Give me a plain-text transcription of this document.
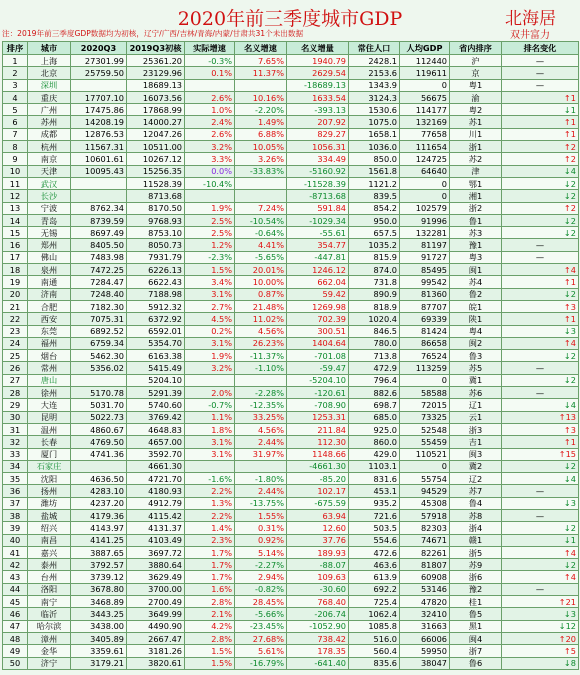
2020年前三季度城市GDP	北海居
双井富力
注：2019年前三季度GDP数据均为初核，辽宁/广西/吉林/青海/内蒙/甘肃共31个未出数据
排序	城市	2020Q3	2019Q3初核	实际增速	名义增速	名义增量	常住人口	人均GDP	省内排序	排名变化
1	上海	27301.99	25361.20	-0.3%	7.65%	1940.79	2428.1	112440	沪	—
2	北京	25759.50	23129.96	0.1%	11.37%	2629.54	2153.6	119611	京	—
3	深圳		18689.13			-18689.13	1343.9	0	粤1	—
4	重庆	17707.10	16073.56	2.6%	10.16%	1633.54	3124.3	56675	渝	↑1
5	广州	17475.86	17868.99	1.0%	-2.20%	-393.13	1530.6	114177	粤2	↓1
6	苏州	14208.19	14000.27	2.4%	1.49%	207.92	1075.0	132169	苏1	↑1
7	成都	12876.53	12047.26	2.6%	6.88%	829.27	1658.1	77658	川1	↑1
8	杭州	11567.31	10511.00	3.2%	10.05%	1056.31	1036.0	111654	浙1	↑2
9	南京	10601.61	10267.12	3.3%	3.26%	334.49	850.0	124725	苏2	↑2
10	天津	10095.43	15256.35	0.0%	-33.83%	-5160.92	1561.8	64640	津	↓4
11	武汉		11528.39	-10.4%		-11528.39	1121.2	0	鄂1	↓2
12	长沙		8713.68			-8713.68	839.5	0	湘1	↓2
13	宁波	8762.34	8170.50	1.9%	7.24%	591.84	854.2	102579	浙2	↑2
14	青岛	8739.59	9768.93	2.5%	-10.54%	-1029.34	950.0	91996	鲁1	↓2
15	无锡	8697.49	8753.10	2.5%	-0.64%	-55.61	657.5	132281	苏3	↓2
16	郑州	8405.50	8050.73	1.2%	4.41%	354.77	1035.2	81197	豫1	—
17	佛山	7483.98	7931.79	-2.3%	-5.65%	-447.81	815.9	91727	粤3	—
18	泉州	7472.25	6226.13	1.5%	20.01%	1246.12	874.0	85495	闽1	↑4
19	南通	7284.47	6622.43	3.4%	10.00%	662.04	731.8	99542	苏4	↑1
20	济南	7248.40	7188.98	3.1%	0.87%	59.42	890.9	81360	鲁2	↓2
21	合肥	7182.30	5912.32	2.7%	21.48%	1269.98	818.9	87707	皖1	↑3
22	西安	7075.31	6372.92	4.5%	11.02%	702.39	1020.4	69339	陕1	↑1
23	东莞	6892.52	6592.01	0.2%	4.56%	300.51	846.5	81424	粤4	↓3
24	福州	6759.34	5354.70	3.1%	26.23%	1404.64	780.0	86658	闽2	↑4
25	烟台	5462.30	6163.38	1.9%	-11.37%	-701.08	713.8	76524	鲁3	↓2
26	常州	5356.02	5415.49	3.2%	-1.10%	-59.47	472.9	113259	苏5	—
27	唐山		5204.10			-5204.10	796.4	0	冀1	↓2
28	徐州	5170.78	5291.39	2.0%	-2.28%	-120.61	882.6	58588	苏6	—
29	大连	5031.70	5740.60	-0.7%	-12.35%	-708.90	698.7	72015	辽1	↓4
30	昆明	5022.73	3769.42	1.1%	33.25%	1253.31	685.0	73325	云1	↑13
31	温州	4860.67	4648.83	1.8%	4.56%	211.84	925.0	52548	浙3	↑3
32	长春	4769.50	4657.00	3.1%	2.44%	112.30	860.0	55459	吉1	↑1
33	厦门	4741.36	3592.70	3.1%	31.97%	1148.66	429.0	110521	闽3	↑15
34	石家庄		4661.30			-4661.30	1103.1	0	冀2	↓2
35	沈阳	4636.50	4721.70	-1.6%	-1.80%	-85.20	831.6	55754	辽2	↓4
36	扬州	4283.10	4180.93	2.2%	2.44%	102.17	453.1	94529	苏7	—
37	潍坊	4237.20	4912.79	1.3%	-13.75%	-675.59	935.2	45308	鲁4	↓3
38	盐城	4179.36	4115.42	2.2%	1.55%	63.94	721.6	57918	苏8	—
39	绍兴	4143.97	4131.37	1.4%	0.31%	12.60	503.5	82303	浙4	↓2
40	南昌	4141.25	4103.49	2.3%	0.92%	37.76	554.6	74671	赣1	↓1
41	嘉兴	3887.65	3697.72	1.7%	5.14%	189.93	472.6	82261	浙5	↑4
42	泰州	3792.57	3880.64	1.7%	-2.27%	-88.07	463.6	81807	苏9	↓2
43	台州	3739.12	3629.49	1.7%	2.94%	109.63	613.9	60908	浙6	↑4
44	洛阳	3678.80	3700.00	1.6%	-0.82%	-30.60	692.2	53146	豫2	—
45	南宁	3468.89	2700.49	2.8%	28.45%	768.40	725.4	47820	桂1	↑21
46	临沂	3443.25	3649.99	2.1%	-5.66%	-206.74	1062.4	32410	鲁5	↓3
47	哈尔滨	3438.00	4490.90	4.2%	-23.45%	-1052.90	1085.8	31663	黑1	↓12
48	漳州	3405.89	2667.47	2.8%	27.68%	738.42	516.0	66006	闽4	↑20
49	金华	3359.61	3181.26	1.5%	5.61%	178.35	560.4	59950	浙7	↑5
50	济宁	3179.21	3820.61	1.5%	-16.79%	-641.40	835.6	38047	鲁6	↓8
